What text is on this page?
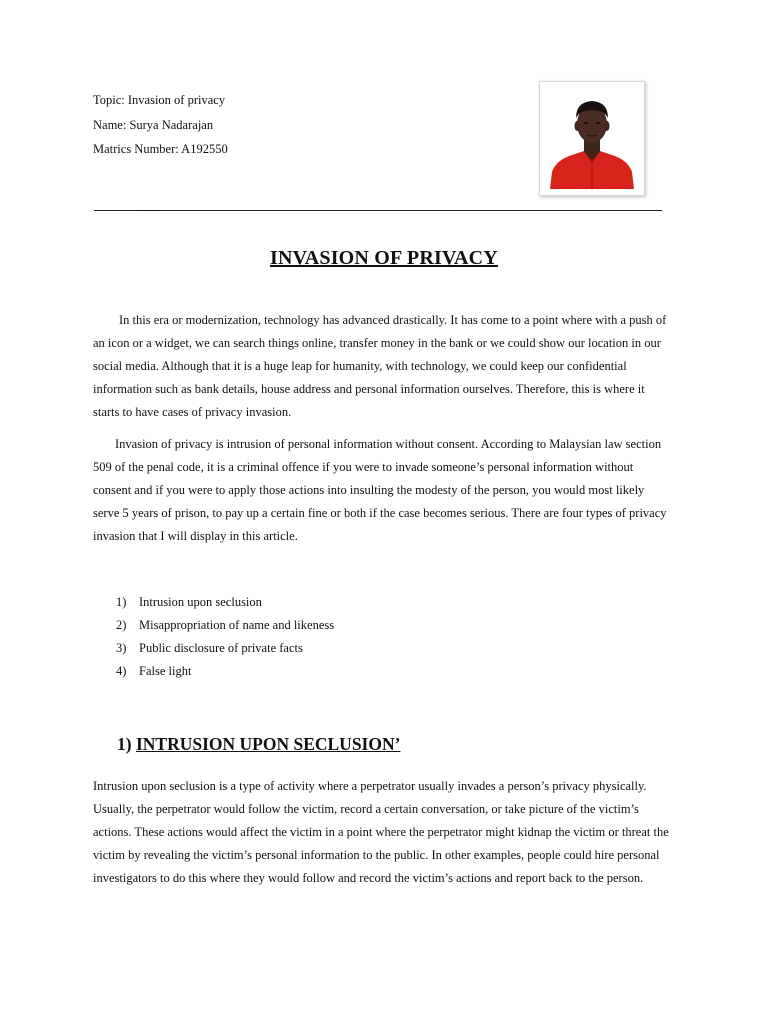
Topic: Invasion of privacy
Name: Surya Nadarajan
Matrics Number: A192550
INVASION OF PRIVACY

In this era or modernization, technology has advanced drastically. It has come to a point where with a push of an icon or a widget, we can search things online, transfer money in the bank or we could show our location in our social media. Although that it is a huge leap for humanity, with technology, we could keep our confidential information such as bank details, house address and personal information ourselves. Therefore, this is where it starts to have cases of privacy invasion.

Invasion of privacy is intrusion of personal information without consent. According to Malaysian law section 509 of the penal code, it is a criminal offence if you were to invade someone’s personal information without consent and if you were to apply those actions into insulting the modesty of the person, you would most likely serve 5 years of prison, to pay up a certain fine or both if the case becomes serious. There are four types of privacy invasion that I will display in this article.

1) Intrusion upon seclusion
2) Misappropriation of name and likeness
3) Public disclosure of private facts
4) False light
1) INTRUSION UPON SECLUSION’

Intrusion upon seclusion is a type of activity where a perpetrator usually invades a person’s privacy physically. Usually, the perpetrator would follow the victim, record a certain conversation, or take picture of the victim’s actions. These actions would affect the victim in a point where the perpetrator might kidnap the victim or threat the victim by revealing the victim’s personal information to the public. In other examples, people could hire personal investigators to do this where they would follow and record the victim’s actions and report back to the person.
